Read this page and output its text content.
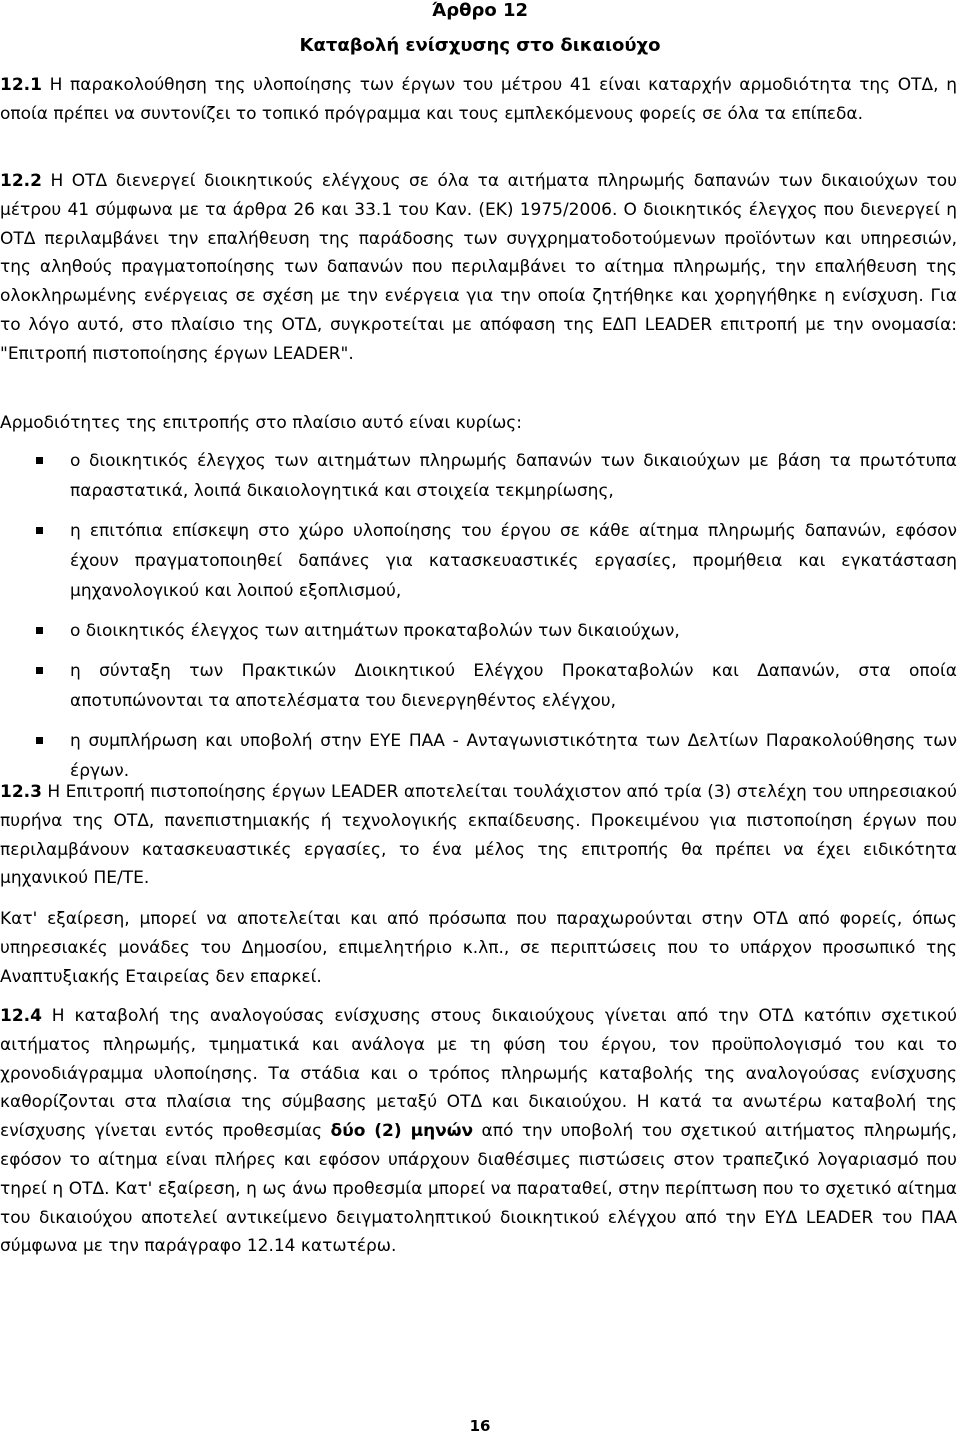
Άρθρο 12
Καταβολή ενίσχυσης στο δικαιούχο

12.1 Η παρακολούθηση της υλοποίησης των έργων του μέτρου 41 είναι καταρχήν αρμοδιότητα της ΟΤΔ, η οποία πρέπει να συντονίζει το τοπικό πρόγραμμα και τους εμπλεκόμενους φορείς σε όλα τα επίπεδα.

12.2 Η ΟΤΔ διενεργεί διοικητικούς ελέγχους σε όλα τα αιτήματα πληρωμής δαπανών των δικαιούχων του μέτρου 41 σύμφωνα με τα άρθρα 26 και 33.1 του Καν. (ΕΚ) 1975/2006. Ο διοικητικός έλεγχος που διενεργεί η ΟΤΔ περιλαμβάνει την επαλήθευση της παράδοσης των συγχρηματοδοτούμενων προϊόντων και υπηρεσιών, της αληθούς πραγματοποίησης των δαπανών που περιλαμβάνει το αίτημα πληρωμής, την επαλήθευση της ολοκληρωμένης ενέργειας σε σχέση με την ενέργεια για την οποία ζητήθηκε και χορηγήθηκε η ενίσχυση. Για το λόγο αυτό, στο πλαίσιο της ΟΤΔ, συγκροτείται με απόφαση της ΕΔΠ LEADER επιτροπή με την ονομασία: "Επιτροπή πιστοποίησης έργων LEADER".

Αρμοδιότητες της επιτροπής στο πλαίσιο αυτό είναι κυρίως:

ο διοικητικός έλεγχος των αιτημάτων πληρωμής δαπανών των δικαιούχων με βάση τα πρωτότυπα παραστατικά, λοιπά δικαιολογητικά και στοιχεία τεκμηρίωσης,
η επιτόπια επίσκεψη στο χώρο υλοποίησης του έργου σε κάθε αίτημα πληρωμής δαπανών, εφόσον έχουν πραγματοποιηθεί δαπάνες για κατασκευαστικές εργασίες, προμήθεια και εγκατάσταση μηχανολογικού και λοιπού εξοπλισμού,
ο διοικητικός έλεγχος των αιτημάτων προκαταβολών των δικαιούχων,
η σύνταξη των Πρακτικών Διοικητικού Ελέγχου Προκαταβολών και Δαπανών, στα οποία αποτυπώνονται τα αποτελέσματα του διενεργηθέντος ελέγχου,
η συμπλήρωση και υποβολή στην ΕΥΕ ΠΑΑ - Ανταγωνιστικότητα των Δελτίων Παρακολούθησης των έργων.

12.3 Η Επιτροπή πιστοποίησης έργων LEADER αποτελείται τουλάχιστον από τρία (3) στελέχη του υπηρεσιακού πυρήνα της ΟΤΔ, πανεπιστημιακής ή τεχνολογικής εκπαίδευσης. Προκειμένου για πιστοποίηση έργων που περιλαμβάνουν κατασκευαστικές εργασίες, το ένα μέλος της επιτροπής θα πρέπει να έχει ειδικότητα μηχανικού ΠΕ/ΤΕ.

Κατ' εξαίρεση, μπορεί να αποτελείται και από πρόσωπα που παραχωρούνται στην ΟΤΔ από φορείς, όπως υπηρεσιακές μονάδες του Δημοσίου, επιμελητήριο κ.λπ., σε περιπτώσεις που το υπάρχον προσωπικό της Αναπτυξιακής Εταιρείας δεν επαρκεί.

12.4 Η καταβολή της αναλογούσας ενίσχυσης στους δικαιούχους γίνεται από την ΟΤΔ κατόπιν σχετικού αιτήματος πληρωμής, τμηματικά και ανάλογα με τη φύση του έργου, τον προϋπολογισμό του και το χρονοδιάγραμμα υλοποίησης. Τα στάδια και ο τρόπος πληρωμής καταβολής της αναλογούσας ενίσχυσης καθορίζονται στα πλαίσια της σύμβασης μεταξύ ΟΤΔ και δικαιούχου. Η κατά τα ανωτέρω καταβολή της ενίσχυσης γίνεται εντός προθεσμίας δύο (2) μηνών από την υποβολή του σχετικού αιτήματος πληρωμής, εφόσον το αίτημα είναι πλήρες και εφόσον υπάρχουν διαθέσιμες πιστώσεις στον τραπεζικό λογαριασμό που τηρεί η ΟΤΔ. Κατ' εξαίρεση, η ως άνω προθεσμία μπορεί να παραταθεί, στην περίπτωση που το σχετικό αίτημα του δικαιούχου αποτελεί αντικείμενο δειγματοληπτικού διοικητικού ελέγχου από την ΕΥΔ LEADER του ΠΑΑ σύμφωνα με την παράγραφο 12.14 κατωτέρω.

16
